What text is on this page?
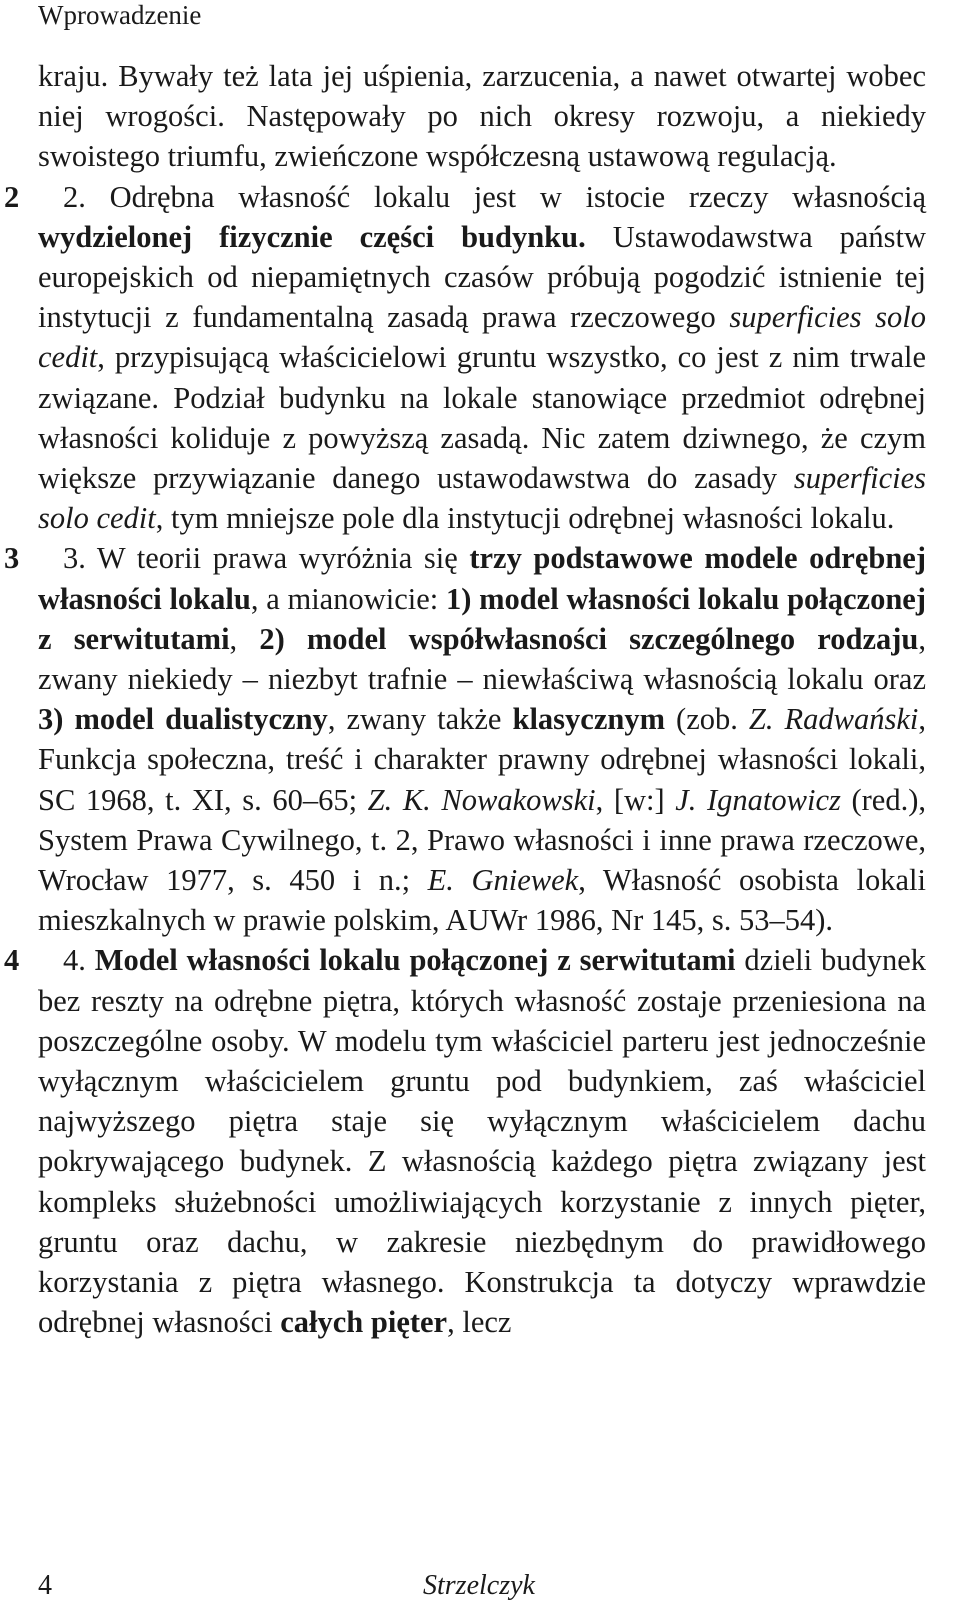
Wprowadzenie

kraju. Bywały też lata jej uśpienia, zarzucenia, a nawet otwartej wobec niej wrogości. Następowały po nich okresy rozwoju, a niekiedy swoistego triumfu, zwieńczone współczesną ustawową regulacją.

2 2. Odrębna własność lokalu jest w istocie rzeczy własnością wydzielonej fizycznie części budynku. Ustawodawstwa państw europejskich od niepamiętnych czasów próbują pogodzić istnienie tej instytucji z fundamentalną zasadą prawa rzeczowego superficies solo cedit, przypisującą właścicielowi gruntu wszystko, co jest z nim trwale związane. Podział budynku na lokale stanowiące przedmiot odrębnej własności koliduje z powyższą zasadą. Nic zatem dziwnego, że czym większe przywiązanie danego ustawodawstwa do zasady superficies solo cedit, tym mniejsze pole dla instytucji odrębnej własności lokalu.

3 3. W teorii prawa wyróżnia się trzy podstawowe modele odrębnej własności lokalu, a mianowicie: 1) model własności lokalu połączonej z serwitutami, 2) model współwłasności szczególnego rodzaju, zwany niekiedy – niezbyt trafnie – niewłaściwą własnością lokalu oraz 3) model dualistyczny, zwany także klasycznym (zob. Z. Radwański, Funkcja społeczna, treść i charakter prawny odrębnej własności lokali, SC 1968, t. XI, s. 60–65; Z. K. Nowakowski, [w:] J. Ignatowicz (red.), System Prawa Cywilnego, t. 2, Prawo własności i inne prawa rzeczowe, Wrocław 1977, s. 450 i n.; E. Gniewek, Własność osobista lokali mieszkalnych w prawie polskim, AUWr 1986, Nr 145, s. 53–54).

4 4. Model własności lokalu połączonej z serwitutami dzieli budynek bez reszty na odrębne piętra, których własność zostaje przeniesiona na poszczególne osoby. W modelu tym właściciel parteru jest jednocześnie wyłącznym właścicielem gruntu pod budynkiem, zaś właściciel najwyższego piętra staje się wyłącznym właścicielem dachu pokrywającego budynek. Z własnością każdego piętra związany jest kompleks służebności umożliwiających korzystanie z innych pięter, gruntu oraz dachu, w zakresie niezbędnym do prawidłowego korzystania z piętra własnego. Konstrukcja ta dotyczy wprawdzie odrębnej własności całych pięter, lecz

4	Strzelczyk
